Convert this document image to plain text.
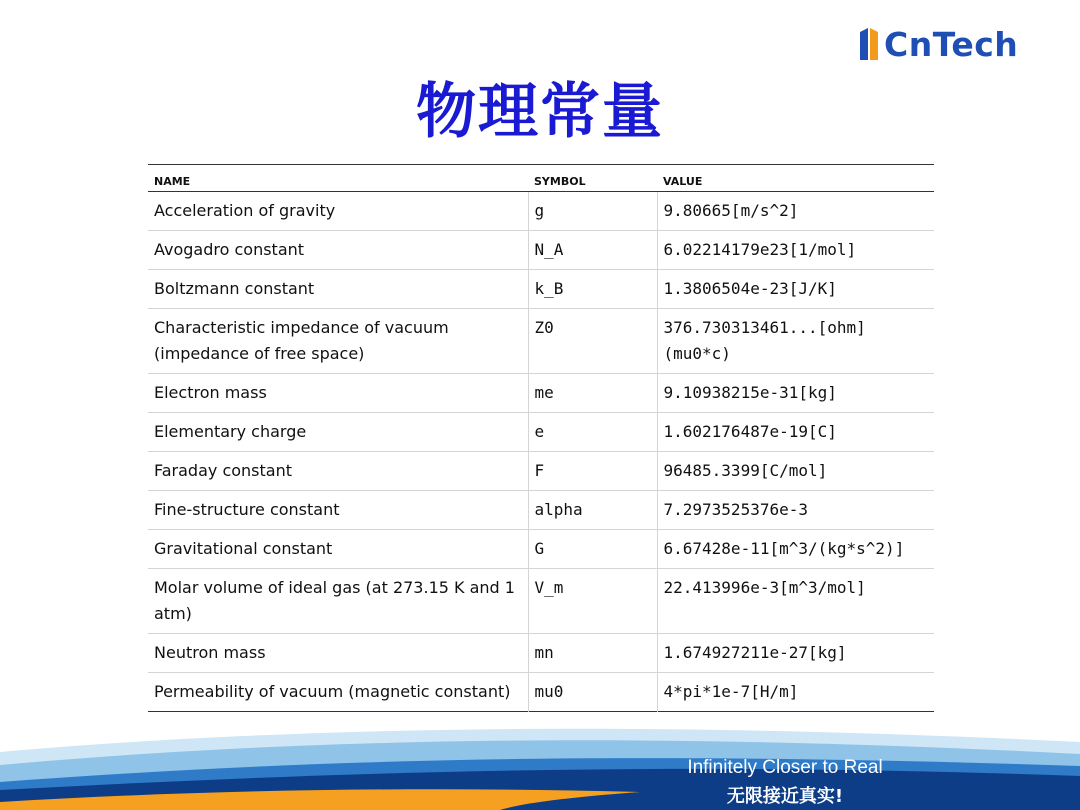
CnTech
物理常量
NAME	SYMBOL	VALUE
Acceleration of gravity	g	9.80665[m/s^2]
Avogadro constant	N_A	6.02214179e23[1/mol]
Boltzmann constant	k_B	1.3806504e-23[J/K]
Characteristic impedance of vacuum (impedance of free space)	Z0	376.730313461...[ohm] (mu0*c)
Electron mass	me	9.10938215e-31[kg]
Elementary charge	e	1.602176487e-19[C]
Faraday constant	F	96485.3399[C/mol]
Fine-structure constant	alpha	7.2973525376e-3
Gravitational constant	G	6.67428e-11[m^3/(kg*s^2)]
Molar volume of ideal gas (at 273.15 K and 1 atm)	V_m	22.413996e-3[m^3/mol]
Neutron mass	mn	1.674927211e-27[kg]
Permeability of vacuum (magnetic constant)	mu0	4*pi*1e-7[H/m]
Infinitely Closer to Real
无限接近真实!
